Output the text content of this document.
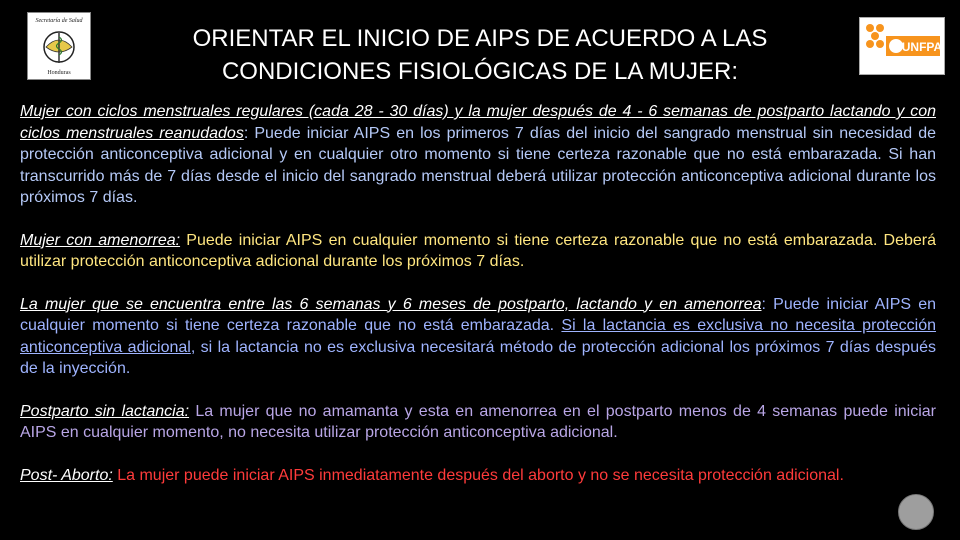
Secretaría de Salud
Honduras
ORIENTAR EL INICIO DE AIPS DE ACUERDO A LAS
CONDICIONES FISIOLÓGICAS DE LA MUJER:
UNFPA

Mujer con ciclos menstruales regulares (cada 28 - 30 días) y la mujer después de 4 - 6 semanas de postparto lactando y con ciclos menstruales reanudados: Puede iniciar AIPS en los primeros 7 días del inicio del sangrado menstrual sin necesidad de protección anticonceptiva adicional y en cualquier otro momento si tiene certeza razonable que no está embarazada. Si han transcurrido más de 7 días desde el inicio del sangrado menstrual deberá utilizar protección anticonceptiva adicional durante los próximos 7 días.

Mujer con amenorrea: Puede iniciar AIPS en cualquier momento si tiene certeza razonable que no está embarazada. Deberá utilizar protección anticonceptiva adicional durante los próximos 7 días.

La mujer que se encuentra entre las 6 semanas y 6 meses de postparto, lactando y en amenorrea: Puede iniciar AIPS en cualquier momento si tiene certeza razonable que no está embarazada. Si la lactancia es exclusiva no necesita protección anticonceptiva adicional, si la lactancia no es exclusiva necesitará método de protección adicional los próximos 7 días después de la inyección.

Postparto sin lactancia: La mujer que no amamanta y esta en amenorrea en el postparto menos de 4 semanas puede iniciar AIPS en cualquier momento, no necesita utilizar protección anticonceptiva adicional.

Post- Aborto: La mujer puede iniciar AIPS inmediatamente después del aborto y no se necesita protección adicional.
